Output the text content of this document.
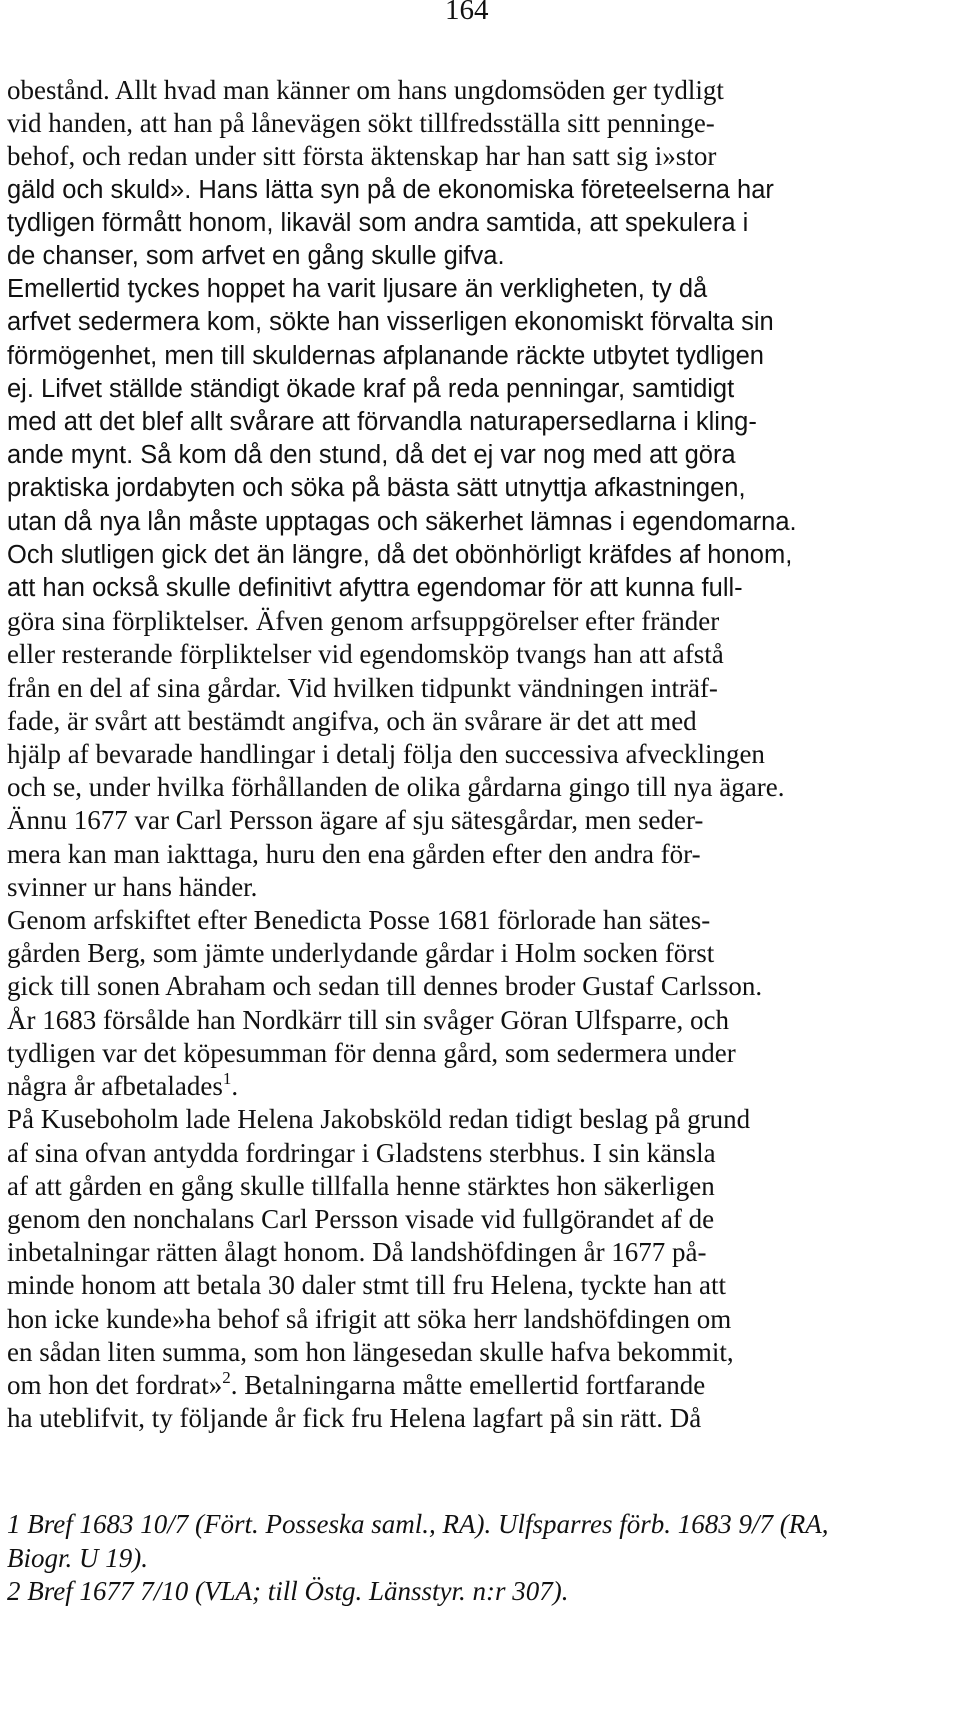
164
obestånd. Allt hvad man känner om hans ungdomsöden ger tydligt
vid handen, att han på lånevägen sökt tillfredsställa sitt penninge-
behof, och redan under sitt första äktenskap har han satt sig i»stor
gäld och skuld». Hans lätta syn på de ekonomiska företeelserna har
tydligen förmått honom, likaväl som andra samtida, att spekulera i
de chanser, som arfvet en gång skulle gifva.
Emellertid tyckes hoppet ha varit ljusare än verkligheten, ty då
arfvet sedermera kom, sökte han visserligen ekonomiskt förvalta sin
förmögenhet, men till skuldernas afplanande räckte utbytet tydligen
ej. Lifvet ställde ständigt ökade kraf på reda penningar, samtidigt
med att det blef allt svårare att förvandla naturapersedlarna i kling-
ande mynt. Så kom då den stund, då det ej var nog med att göra
praktiska jordabyten och söka på bästa sätt utnyttja afkastningen,
utan då nya lån måste upptagas och säkerhet lämnas i egendomarna.
Och slutligen gick det än längre, då det obönhörligt kräfdes af honom,
att han också skulle definitivt afyttra egendomar för att kunna full-
göra sina förpliktelser. Äfven genom arfsuppgörelser efter fränder
eller resterande förpliktelser vid egendomsköp tvangs han att afstå
från en del af sina gårdar. Vid hvilken tidpunkt vändningen inträf-
fade, är svårt att bestämdt angifva, och än svårare är det att med
hjälp af bevarade handlingar i detalj följa den successiva afvecklingen
och se, under hvilka förhållanden de olika gårdarna gingo till nya ägare.
Ännu 1677 var Carl Persson ägare af sju sätesgårdar, men seder-
mera kan man iakttaga, huru den ena gården efter den andra för-
svinner ur hans händer.
Genom arfskiftet efter Benedicta Posse 1681 förlorade han sätes-
gården Berg, som jämte underlydande gårdar i Holm socken först
gick till sonen Abraham och sedan till dennes broder Gustaf Carlsson.
År 1683 försålde han Nordkärr till sin svåger Göran Ulfsparre, och
tydligen var det köpesumman för denna gård, som sedermera under
några år afbetalades$^1$.
På Kuseboholm lade Helena Jakobsköld redan tidigt beslag på grund
af sina ofvan antydda fordringar i Gladstens sterbhus. I sin känsla
af att gården en gång skulle tillfalla henne stärktes hon säkerligen
genom den nonchalans Carl Persson visade vid fullgörandet af de
inbetalningar rätten ålagt honom. Då landshöfdingen år 1677 på-
minde honom att betala 30 daler stmt till fru Helena, tyckte han att
hon icke kunde»ha behof så ifrigit att söka herr landshöfdingen om
en sådan liten summa, som hon längesedan skulle hafva bekommit,
om hon det fordrat»$^2$. Betalningarna måtte emellertid fortfarande
ha uteblifvit, ty följande år fick fru Helena lagfart på sin rätt. Då
1 Bref 1683 10/7 (Fört. Posseska saml., RA). Ulfsparres förb. 1683 9/7 (RA,
Biogr. U 19).
2 Bref 1677 7/10 (VLA; till Östg. Länsstyr. n:r 307).
